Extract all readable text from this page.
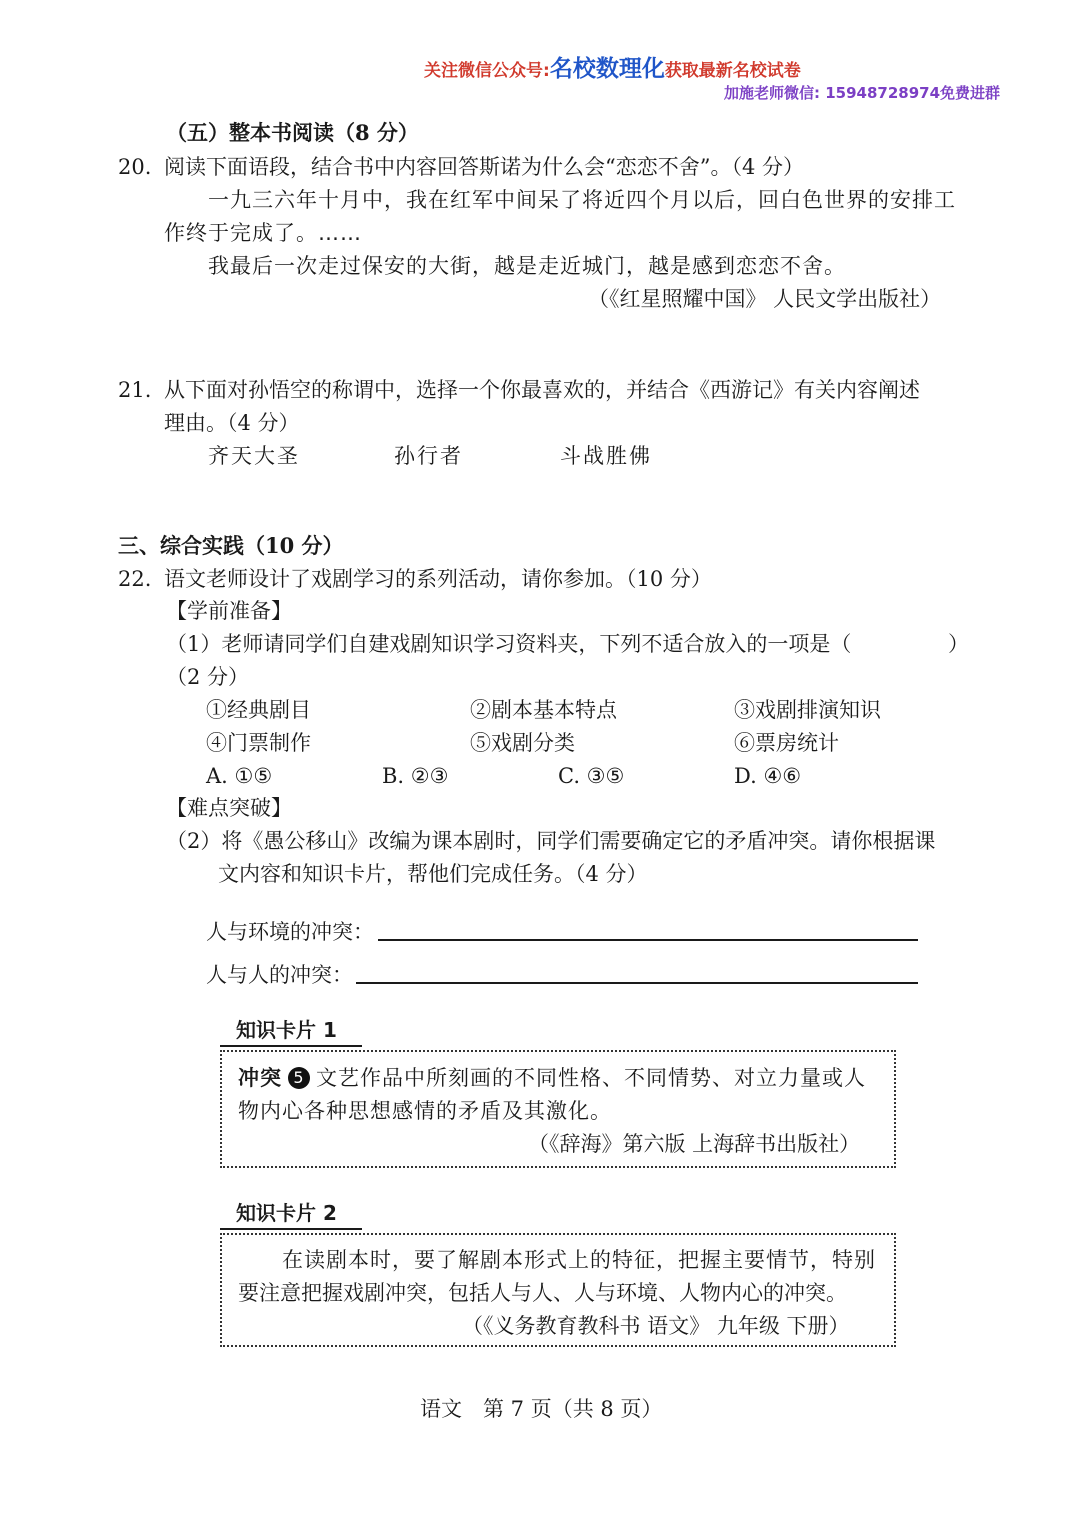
关注微信公众号:名校数理化获取最新名校试卷
加施老师微信: 15948728974免费进群
（五）整本书阅读（8 分）
20. 阅读下面语段，结合书中内容回答斯诺为什么会“恋恋不舍”。（4 分）
一九三六年十月中，我在红军中间呆了将近四个月以后，回白色世界的安排工
作终于完成了。……
我最后一次走过保安的大街，越是走近城门，越是感到恋恋不舍。
（《红星照耀中国》 人民文学出版社）
21. 从下面对孙悟空的称谓中，选择一个你最喜欢的，并结合《西游记》有关内容阐述
理由。（4 分）
齐天大圣	孙行者	斗战胜佛
三、综合实践（10 分）
22. 语文老师设计了戏剧学习的系列活动，请你参加。（10 分）
【学前准备】
（1）老师请同学们自建戏剧知识学习资料夹，下列不适合放入的一项是（	）
（2 分）
①经典剧目	②剧本基本特点	③戏剧排演知识
④门票制作	⑤戏剧分类	⑥票房统计
A. ①⑤	B. ②③	C. ③⑤	D. ④⑥
【难点突破】
（2）将《愚公移山》改编为课本剧时，同学们需要确定它的矛盾冲突。请你根据课
文内容和知识卡片，帮他们完成任务。（4 分）
人与环境的冲突：
人与人的冲突：
知识卡片 1
冲突 5 文艺作品中所刻画的不同性格、不同情势、对立力量或人
物内心各种思想感情的矛盾及其激化。
（《辞海》第六版 上海辞书出版社）
知识卡片 2
在读剧本时，要了解剧本形式上的特征，把握主要情节，特别
要注意把握戏剧冲突，包括人与人、人与环境、人物内心的冲突。
（《义务教育教科书 语文》 九年级 下册）
语文　第 7 页（共 8 页）
